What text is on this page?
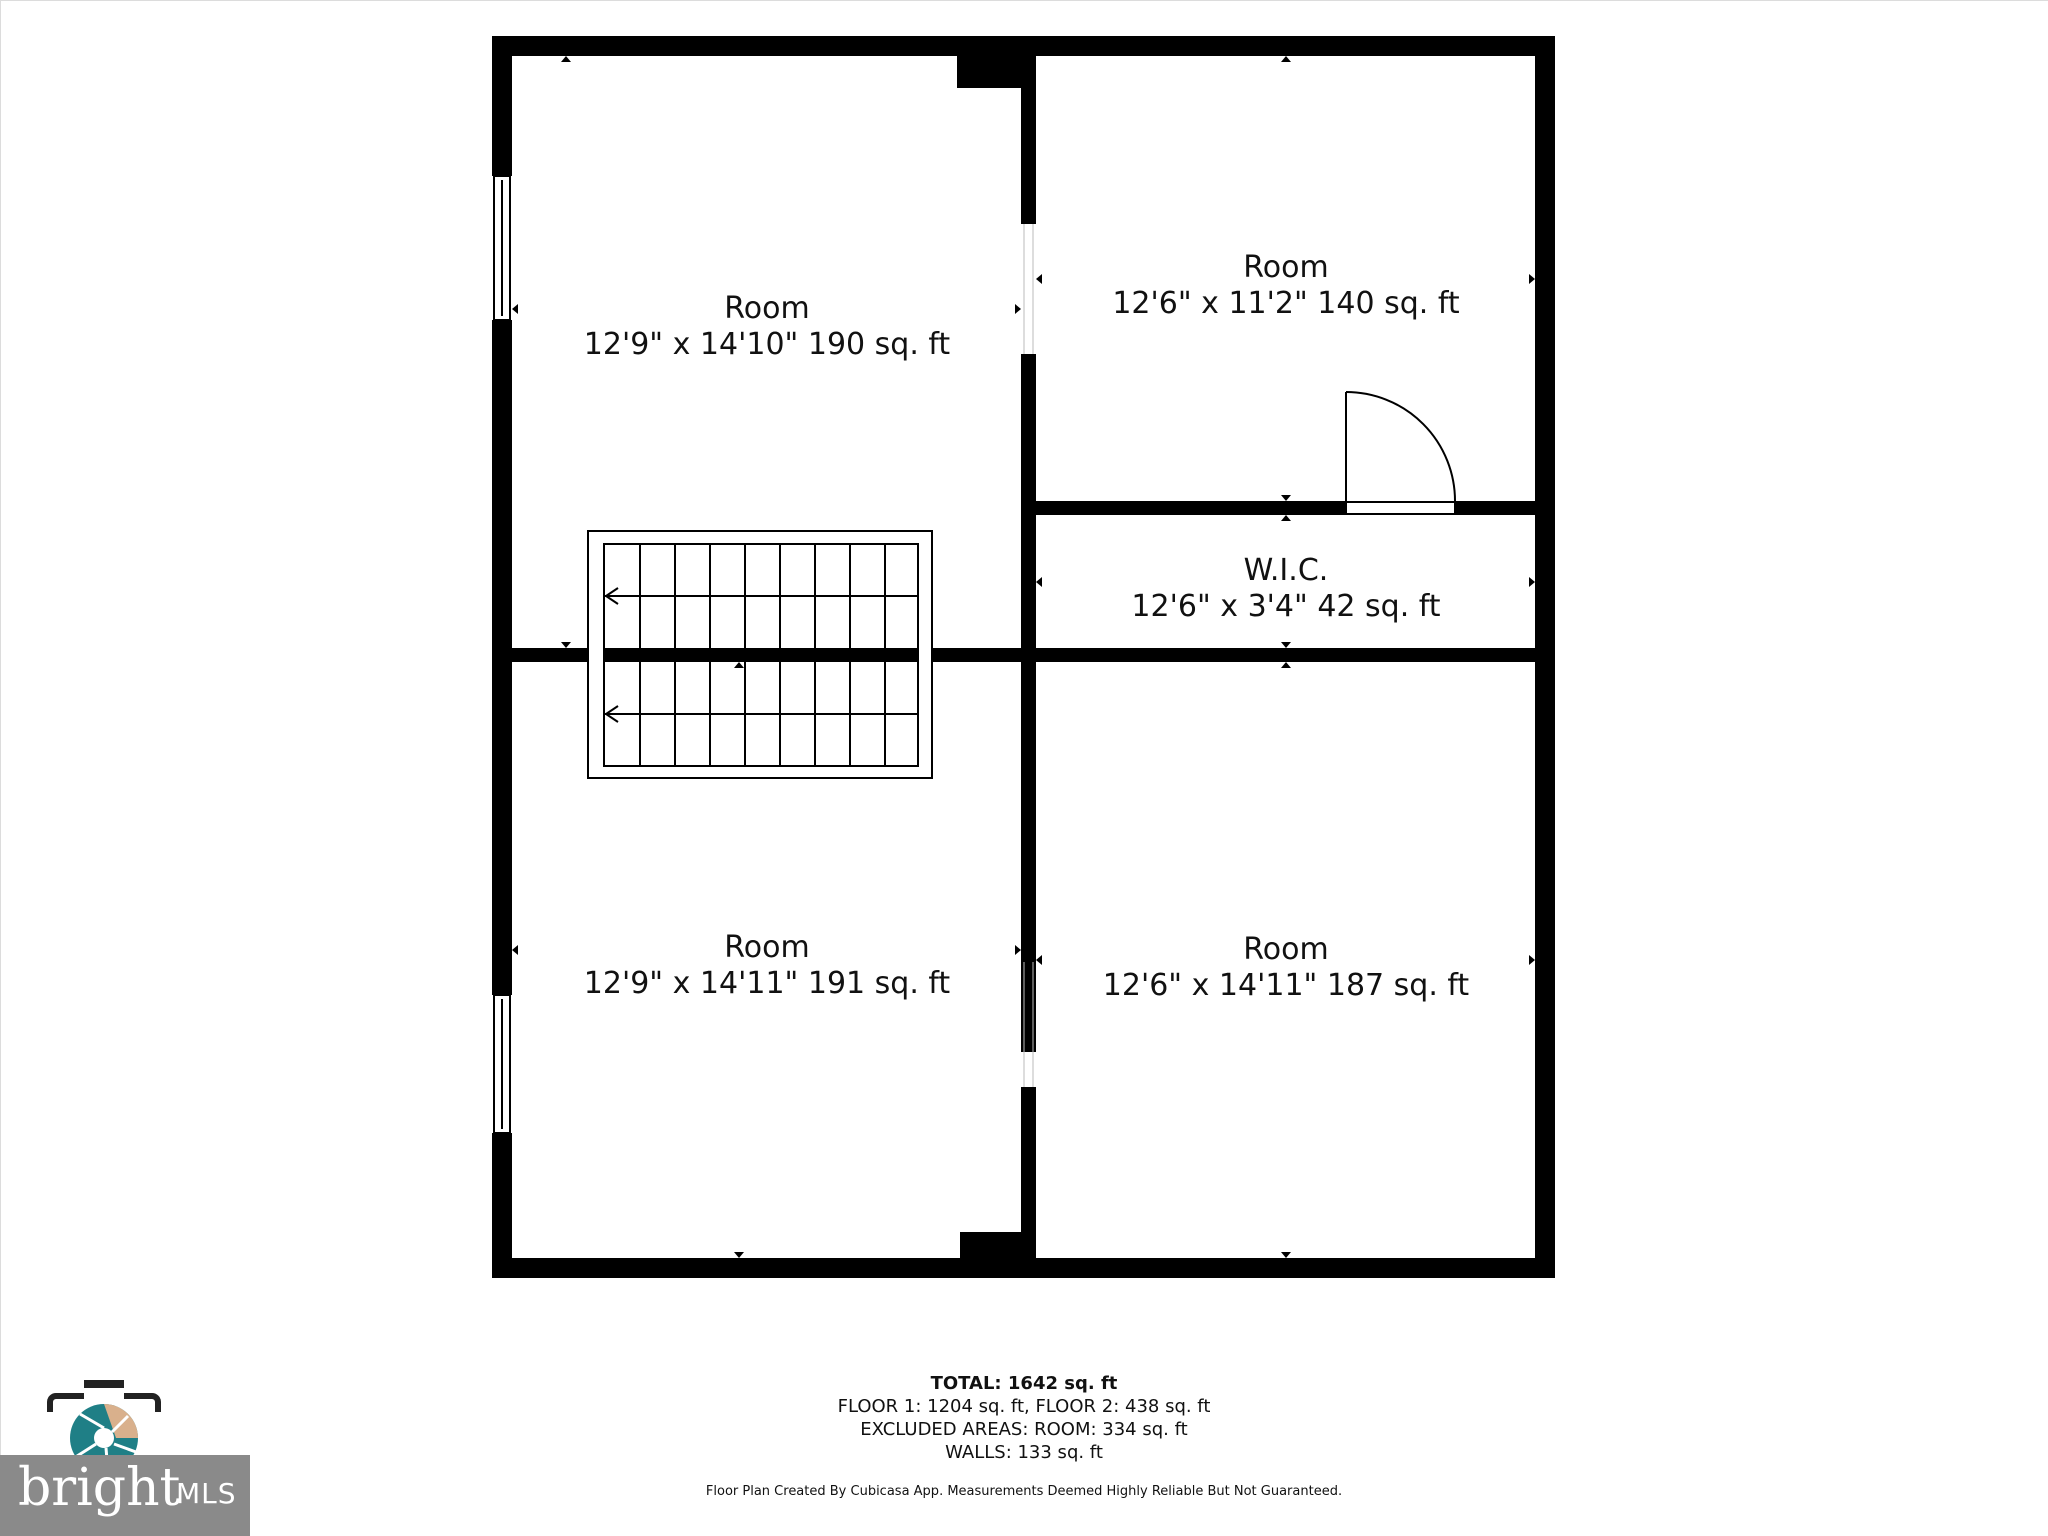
Room
12'9" x 14'10" 190 sq. ft
Room
12'6" x 11'2" 140 sq. ft
W.I.C.
12'6" x 3'4" 42 sq. ft
Room
12'9" x 14'11" 191 sq. ft
Room
12'6" x 14'11" 187 sq. ft
TOTAL: 1642 sq. ft
FLOOR 1: 1204 sq. ft, FLOOR 2: 438 sq. ft
EXCLUDED AREAS: ROOM: 334 sq. ft
WALLS: 133 sq. ft
Floor Plan Created By Cubicasa App. Measurements Deemed Highly Reliable But Not Guaranteed.
bright
MLS
